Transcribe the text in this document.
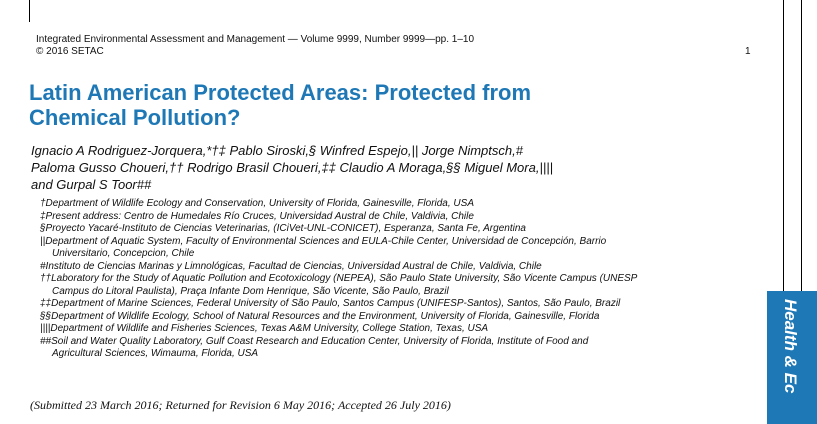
Integrated Environmental Assessment and Management — Volume 9999, Number 9999—pp. 1–10
© 2016 SETAC	1
Latin American Protected Areas: Protected from
Chemical Pollution?
Ignacio A Rodriguez-Jorquera,*†‡ Pablo Siroski,§ Winfred Espejo,|| Jorge Nimptsch,#
Paloma Gusso Choueri,†† Rodrigo Brasil Choueri,‡‡ Claudio A Moraga,§§ Miguel Mora,||||
and Gurpal S Toor##
†Department of Wildlife Ecology and Conservation, University of Florida, Gainesville, Florida, USA
‡Present address: Centro de Humedales Río Cruces, Universidad Austral de Chile, Valdivia, Chile
§Proyecto Yacaré-Instituto de Ciencias Veterinarias, (ICiVet-UNL-CONICET), Esperanza, Santa Fe, Argentina
||Department of Aquatic System, Faculty of Environmental Sciences and EULA-Chile Center, Universidad de Concepción, Barrio
Universitario, Concepcion, Chile
#Instituto de Ciencias Marinas y Limnológicas, Facultad de Ciencias, Universidad Austral de Chile, Valdivia, Chile
††Laboratory for the Study of Aquatic Pollution and Ecotoxicology (NEPEA), São Paulo State University, São Vicente Campus (UNESP
Campus do Litoral Paulista), Praça Infante Dom Henrique, São Vicente, São Paulo, Brazil
‡‡Department of Marine Sciences, Federal University of São Paulo, Santos Campus (UNIFESP-Santos), Santos, São Paulo, Brazil
§§Department of Wildlife Ecology, School of Natural Resources and the Environment, University of Florida, Gainesville, Florida
||||Department of Wildlife and Fisheries Sciences, Texas A&M University, College Station, Texas, USA
##Soil and Water Quality Laboratory, Gulf Coast Research and Education Center, University of Florida, Institute of Food and
Agricultural Sciences, Wimauma, Florida, USA
(Submitted 23 March 2016; Returned for Revision 6 May 2016; Accepted 26 July 2016)
Health & Ec
